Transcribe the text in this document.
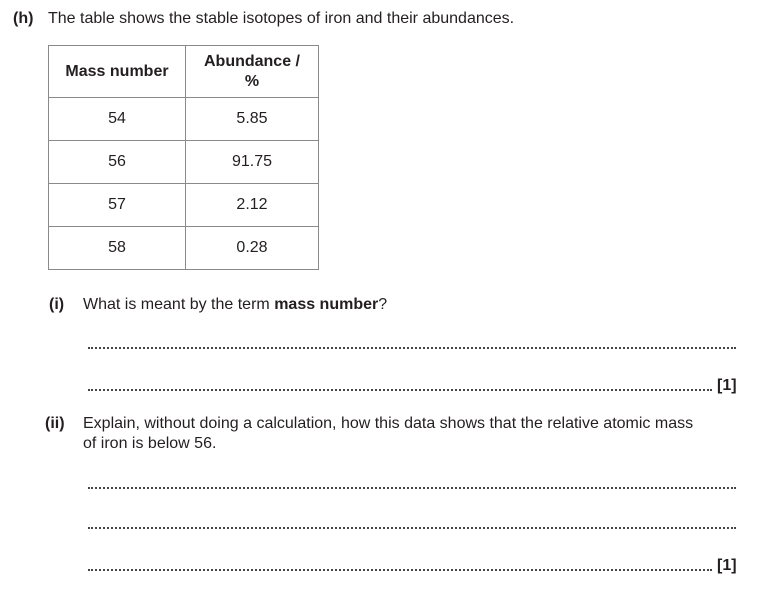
(h) The table shows the stable isotopes of iron and their abundances.
Mass number	Abundance /
%
54	5.85
56	91.75
57	2.12
58	0.28
(i) What is meant by the term mass number?
[1]
(ii) Explain, without doing a calculation, how this data shows that the relative atomic mass
of iron is below 56.
[1]
